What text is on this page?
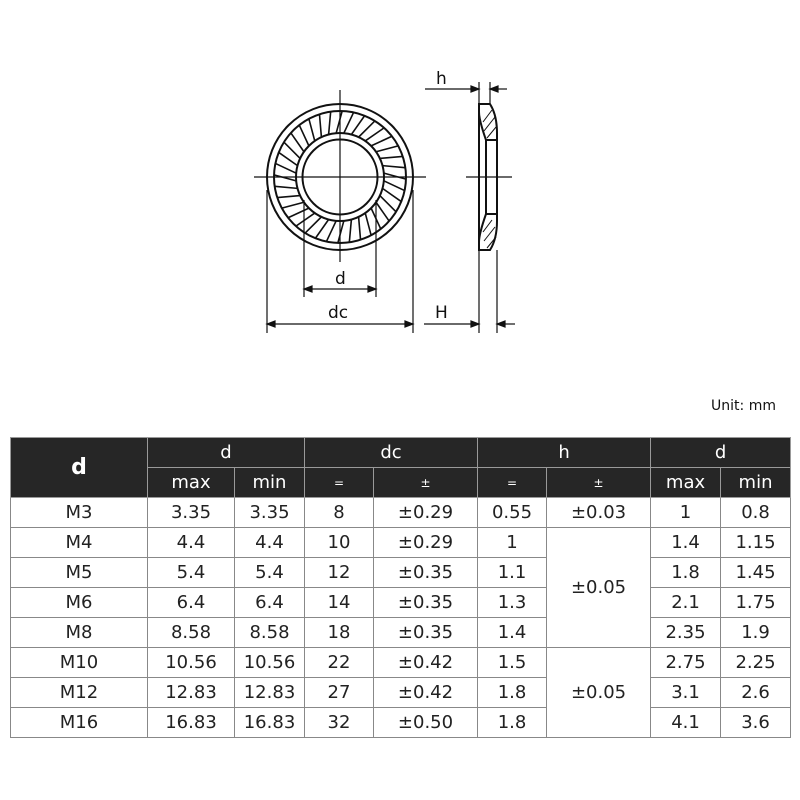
h
d
dc	H
Unit: mm
d	d		dc		h		d	
	max	min	=	±	=	±	max	min
M3	3.35	3.35	8	±0.29	0.55	±0.03	1	0.8
M4	4.4	4.4	10	±0.29	1	±0.05	1.4	1.15
M5	5.4	5.4	12	±0.35	1.1		1.8	1.45
M6	6.4	6.4	14	±0.35	1.3		2.1	1.75
M8	8.58	8.58	18	±0.35	1.4		2.35	1.9
M10	10.56	10.56	22	±0.42	1.5	±0.05	2.75	2.25
M12	12.83	12.83	27	±0.42	1.8		3.1	2.6
M16	16.83	16.83	32	±0.50	1.8		4.1	3.6
